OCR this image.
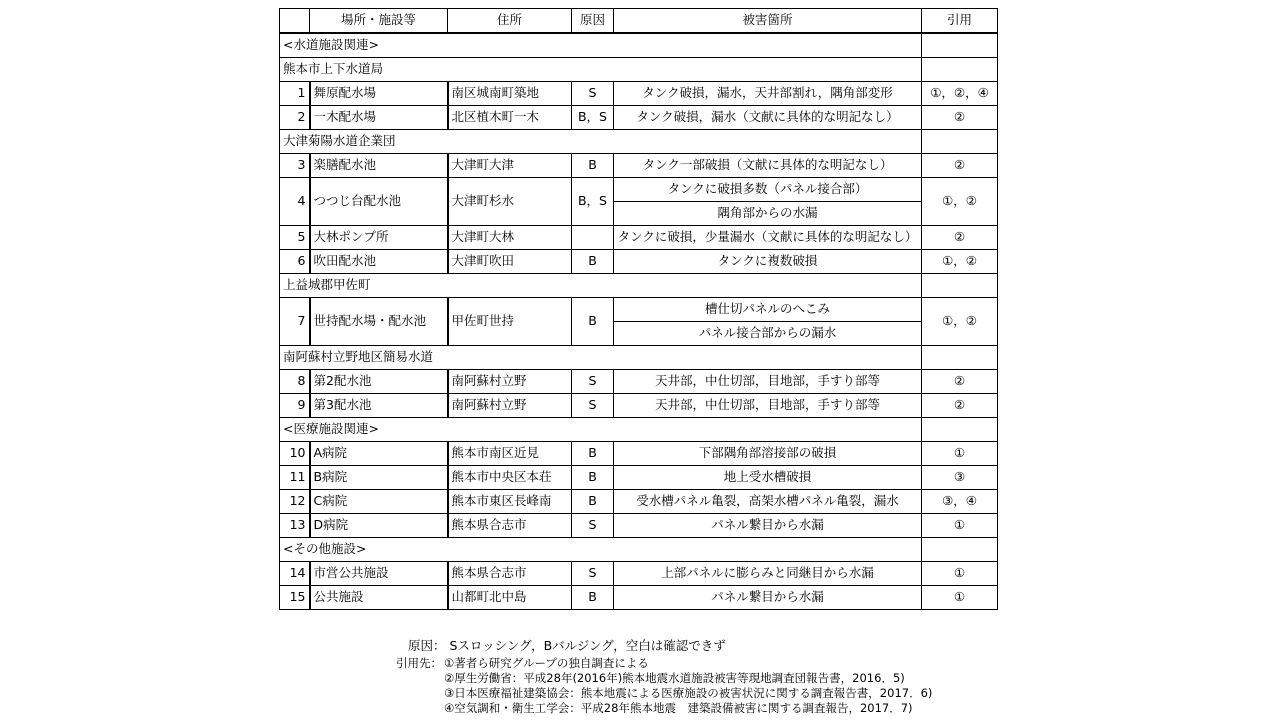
	場所・施設等	住所	原因	被害箇所	引用
<水道施設関連>					
熊本市上下水道局					
1	舞原配水場	南区城南町築地	S	タンク破損，漏水，天井部割れ，隅角部変形	①，②，④
2	一木配水場	北区植木町一木	B，S	タンク破損，漏水（文献に具体的な明記なし）	②
大津菊陽水道企業団					
3	楽膳配水池	大津町大津	B	タンク一部破損（文献に具体的な明記なし）	②
4	つつじ台配水池	大津町杉水	B，S	タンクに破損多数（パネル接合部）	①，②
				隅角部からの水漏	
5	大林ポンプ所	大津町大林		タンクに破損，少量漏水（文献に具体的な明記なし）	②
6	吹田配水池	大津町吹田	B	タンクに複数破損	①，②
上益城郡甲佐町					
7	世持配水場・配水池	甲佐町世持	B	槽仕切パネルのへこみ	①，②
				パネル接合部からの漏水	
南阿蘇村立野地区簡易水道					
8	第2配水池	南阿蘇村立野	S	天井部，中仕切部，目地部，手すり部等	②
9	第3配水池	南阿蘇村立野	S	天井部，中仕切部，目地部，手すり部等	②
<医療施設関連>					
10	A病院	熊本市南区近見	B	下部隅角部溶接部の破損	①
11	B病院	熊本市中央区本荘	B	地上受水槽破損	③
12	C病院	熊本市東区長峰南	B	受水槽パネル亀裂，高架水槽パネル亀裂，漏水	③，④
13	D病院	熊本県合志市	S	パネル繋目から水漏	①
<その他施設>					
14	市営公共施設	熊本県合志市	S	上部パネルに膨らみと同継目から水漏	①
15	公共施設	山都町北中島	B	パネル繋目から水漏	①
原因： Sスロッシング，Bバルジング，空白は確認できず
引用先： ①著者ら研究グループの独自調査による
②厚生労働省：平成28年(2016年)熊本地震水道施設被害等現地調査団報告書，2016．5)
③日本医療福祉建築協会：熊本地震による医療施設の被害状況に関する調査報告書，2017．6)
④空気調和・衛生工学会：平成28年熊本地震　建築設備被害に関する調査報告，2017．7)
